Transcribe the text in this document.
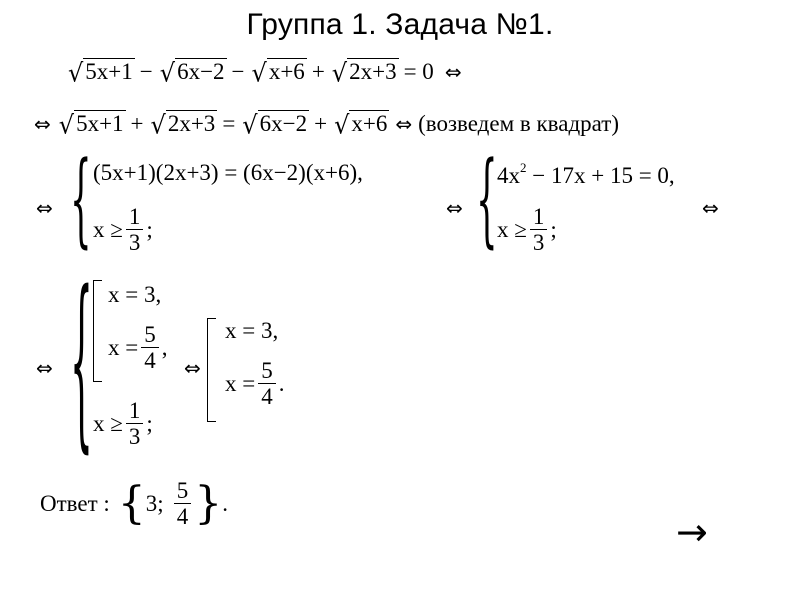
Группа 1. Задача №1.
√ 5x+1 − √ 6x−2 − √ x+6 + √ 2x+3 = 0 ⇔
⇔ √ 5x+1 + √ 2x+3 = √ 6x−2 + √ x+6 ⇔ (возведем в квадрат)
⇔ { (5x+1)(2x+3) = (6x−2)(x+6),
$x \ge \frac{1}{3}$ ;
⇔ { $4x^2 - 17x + 15 = 0$,
$x \ge \frac{1}{3}$ ;
⇔
⇔ { x = 3,
$x = \frac{5}{4}$ ,
$x \ge \frac{1}{3}$ ;
⇔
x = 3,
$x = \frac{5}{4}$ .
Ответ : { 3; $\frac{5}{4}$ } .
→
